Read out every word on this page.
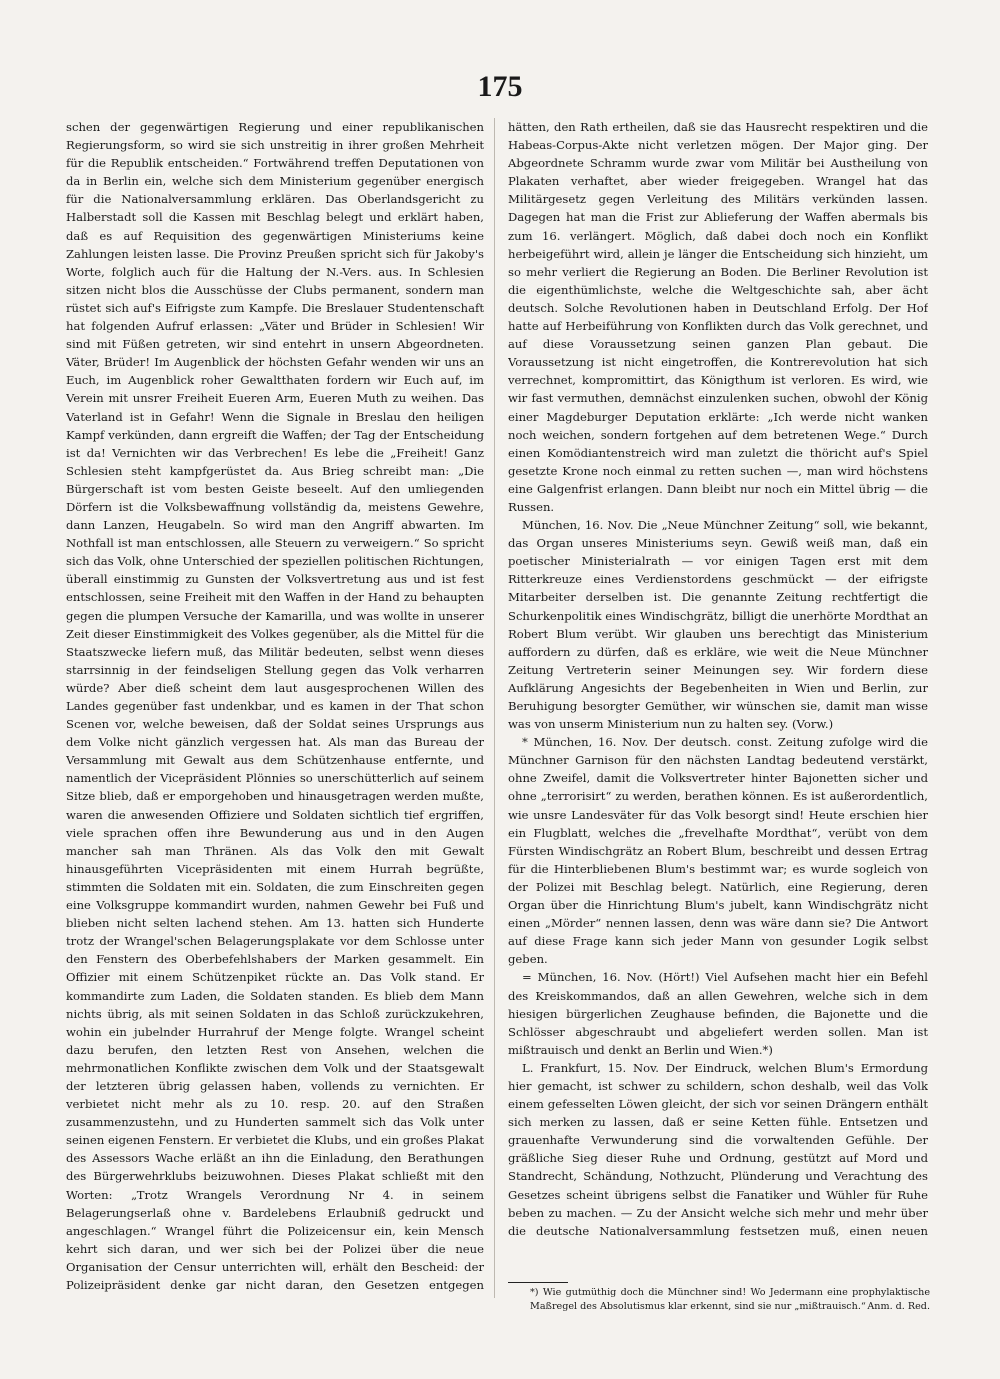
175

schen der gegenwärtigen Regierung und einer republikanischen Regierungsform, so wird sie sich unstreitig in ihrer großen Mehrheit für die Republik entscheiden.“ Fortwährend treffen Deputationen von da in Berlin ein, welche sich dem Ministerium gegenüber energisch für die Nationalversammlung erklären. Das Oberlandsgericht zu Halberstadt soll die Kassen mit Beschlag belegt und erklärt haben, daß es auf Requisition des gegenwärtigen Ministeriums keine Zahlungen leisten lasse. Die Provinz Preußen spricht sich für Jakoby's Worte, folglich auch für die Haltung der N.-Vers. aus. In Schlesien sitzen nicht blos die Ausschüsse der Clubs permanent, sondern man rüstet sich auf's Eifrigste zum Kampfe. Die Breslauer Studentenschaft hat folgenden Aufruf erlassen: „Väter und Brüder in Schlesien! Wir sind mit Füßen getreten, wir sind entehrt in unsern Abgeordneten. Väter, Brüder! Im Augenblick der höchsten Gefahr wenden wir uns an Euch, im Augenblick roher Gewaltthaten fordern wir Euch auf, im Verein mit unsrer Freiheit Eueren Arm, Eueren Muth zu weihen. Das Vaterland ist in Gefahr! Wenn die Signale in Breslau den heiligen Kampf verkünden, dann ergreift die Waffen; der Tag der Entscheidung ist da! Vernichten wir das Verbrechen! Es lebe die „Freiheit! Ganz Schlesien steht kampfgerüstet da. Aus Brieg schreibt man: „Die Bürgerschaft ist vom besten Geiste beseelt. Auf den umliegenden Dörfern ist die Volksbewaffnung vollständig da, meistens Gewehre, dann Lanzen, Heugabeln. So wird man den Angriff abwarten. Im Nothfall ist man entschlossen, alle Steuern zu verweigern.“ So spricht sich das Volk, ohne Unterschied der speziellen politischen Richtungen, überall einstimmig zu Gunsten der Volksvertretung aus und ist fest entschlossen, seine Freiheit mit den Waffen in der Hand zu behaupten gegen die plumpen Versuche der Kamarilla, und was wollte in unserer Zeit dieser Einstimmigkeit des Volkes gegenüber, als die Mittel für die Staatszwecke liefern muß, das Militär bedeuten, selbst wenn dieses starrsinnig in der feindseligen Stellung gegen das Volk verharren würde? Aber dieß scheint dem laut ausgesprochenen Willen des Landes gegenüber fast undenkbar, und es kamen in der That schon Scenen vor, welche beweisen, daß der Soldat seines Ursprungs aus dem Volke nicht gänzlich vergessen hat. Als man das Bureau der Versammlung mit Gewalt aus dem Schützenhause entfernte, und namentlich der Vicepräsident Plönnies so unerschütterlich auf seinem Sitze blieb, daß er emporgehoben und hinausgetragen werden mußte, waren die anwesenden Offiziere und Soldaten sichtlich tief ergriffen, viele sprachen offen ihre Bewunderung aus und in den Augen mancher sah man Thränen. Als das Volk den mit Gewalt hinausgeführten Vicepräsidenten mit einem Hurrah begrüßte, stimmten die Soldaten mit ein. Soldaten, die zum Einschreiten gegen eine Volksgruppe kommandirt wurden, nahmen Gewehr bei Fuß und blieben nicht selten lachend stehen. Am 13. hatten sich Hunderte trotz der Wrangel'schen Belagerungsplakate vor dem Schlosse unter den Fenstern des Oberbefehlshabers der Marken gesammelt. Ein Offizier mit einem Schützenpiket rückte an. Das Volk stand. Er kommandirte zum Laden, die Soldaten standen. Es blieb dem Mann nichts übrig, als mit seinen Soldaten in das Schloß zurückzukehren, wohin ein jubelnder Hurrahruf der Menge folgte. Wrangel scheint dazu berufen, den letzten Rest von Ansehen, welchen die mehrmonatlichen Konflikte zwischen dem Volk und der Staatsgewalt der letzteren übrig gelassen haben, vollends zu vernichten. Er verbietet nicht mehr als zu 10. resp. 20. auf den Straßen zusammenzustehn, und zu Hunderten sammelt sich das Volk unter seinen eigenen Fenstern. Er verbietet die Klubs, und ein großes Plakat des Assessors Wache erläßt an ihn die Einladung, den Berathungen des Bürgerwehrklubs beizuwohnen. Dieses Plakat schließt mit den Worten: „Trotz Wrangels Verordnung Nr 4. in seinem Belagerungserlaß ohne v. Bardelebens Erlaubniß gedruckt und angeschlagen.“ Wrangel führt die Polizeicensur ein, kein Mensch kehrt sich daran, und wer sich bei der Polizei über die neue Organisation der Censur unterrichten will, erhält den Bescheid: der Polizeipräsident denke gar nicht daran, den Gesetzen entgegen

hätten, den Rath ertheilen, daß sie das Hausrecht respektiren und die Habeas-Corpus-Akte nicht verletzen mögen. Der Major ging. Der Abgeordnete Schramm wurde zwar vom Militär bei Austheilung von Plakaten verhaftet, aber wieder freigegeben. Wrangel hat das Militärgesetz gegen Verleitung des Militärs verkünden lassen. Dagegen hat man die Frist zur Ablieferung der Waffen abermals bis zum 16. verlängert. Möglich, daß dabei doch noch ein Konflikt herbeigeführt wird, allein je länger die Entscheidung sich hinzieht, um so mehr verliert die Regierung an Boden. Die Berliner Revolution ist die eigenthümlichste, welche die Weltgeschichte sah, aber ächt deutsch. Solche Revolutionen haben in Deutschland Erfolg. Der Hof hatte auf Herbeiführung von Konflikten durch das Volk gerechnet, und auf diese Voraussetzung seinen ganzen Plan gebaut. Die Voraussetzung ist nicht eingetroffen, die Kontrerevolution hat sich verrechnet, kompromittirt, das Königthum ist verloren. Es wird, wie wir fast vermuthen, demnächst einzulenken suchen, obwohl der König einer Magdeburger Deputation erklärte: „Ich werde nicht wanken noch weichen, sondern fortgehen auf dem betretenen Wege.“ Durch einen Komödiantenstreich wird man zuletzt die thöricht auf's Spiel gesetzte Krone noch einmal zu retten suchen —, man wird höchstens eine Galgenfrist erlangen. Dann bleibt nur noch ein Mittel übrig — die Russen.

München, 16. Nov. Die „Neue Münchner Zeitung“ soll, wie bekannt, das Organ unseres Ministeriums seyn. Gewiß weiß man, daß ein poetischer Ministerialrath — vor einigen Tagen erst mit dem Ritterkreuze eines Verdienstordens geschmückt — der eifrigste Mitarbeiter derselben ist. Die genannte Zeitung rechtfertigt die Schurkenpolitik eines Windischgrätz, billigt die unerhörte Mordthat an Robert Blum verübt. Wir glauben uns berechtigt das Ministerium auffordern zu dürfen, daß es erkläre, wie weit die Neue Münchner Zeitung Vertreterin seiner Meinungen sey. Wir fordern diese Aufklärung Angesichts der Begebenheiten in Wien und Berlin, zur Beruhigung besorgter Gemüther, wir wünschen sie, damit man wisse was von unserm Ministerium nun zu halten sey. (Vorw.)

* München, 16. Nov. Der deutsch. const. Zeitung zufolge wird die Münchner Garnison für den nächsten Landtag bedeutend verstärkt, ohne Zweifel, damit die Volksvertreter hinter Bajonetten sicher und ohne „terrorisirt“ zu werden, berathen können. Es ist außerordentlich, wie unsre Landesväter für das Volk besorgt sind! Heute erschien hier ein Flugblatt, welches die „frevelhafte Mordthat“, verübt von dem Fürsten Windischgrätz an Robert Blum, beschreibt und dessen Ertrag für die Hinterbliebenen Blum's bestimmt war; es wurde sogleich von der Polizei mit Beschlag belegt. Natürlich, eine Regierung, deren Organ über die Hinrichtung Blum's jubelt, kann Windischgrätz nicht einen „Mörder“ nennen lassen, denn was wäre dann sie? Die Antwort auf diese Frage kann sich jeder Mann von gesunder Logik selbst geben.

= München, 16. Nov. (Hört!) Viel Aufsehen macht hier ein Befehl des Kreiskommandos, daß an allen Gewehren, welche sich in dem hiesigen bürgerlichen Zeughause befinden, die Bajonette und die Schlösser abgeschraubt und abgeliefert werden sollen. Man ist mißtrauisch und denkt an Berlin und Wien.*)

L. Frankfurt, 15. Nov. Der Eindruck, welchen Blum's Ermordung hier gemacht, ist schwer zu schildern, schon deshalb, weil das Volk einem gefesselten Löwen gleicht, der sich vor seinen Drängern enthält sich merken zu lassen, daß er seine Ketten fühle. Entsetzen und grauenhafte Verwunderung sind die vorwaltenden Gefühle. Der gräßliche Sieg dieser Ruhe und Ordnung, gestützt auf Mord und Standrecht, Schändung, Nothzucht, Plünderung und Verachtung des Gesetzes scheint übrigens selbst die Fanatiker und Wühler für Ruhe beben zu machen. — Zu der Ansicht welche sich mehr und mehr über die deutsche Nationalversammlung festsetzen muß, einen neuen

*) Wie gutmüthig doch die Münchner sind! Wo Jedermann eine prophylaktische Maßregel des Absolutismus klar erkennt, sind sie nur „mißtrauisch.“ Anm. d. Red.
